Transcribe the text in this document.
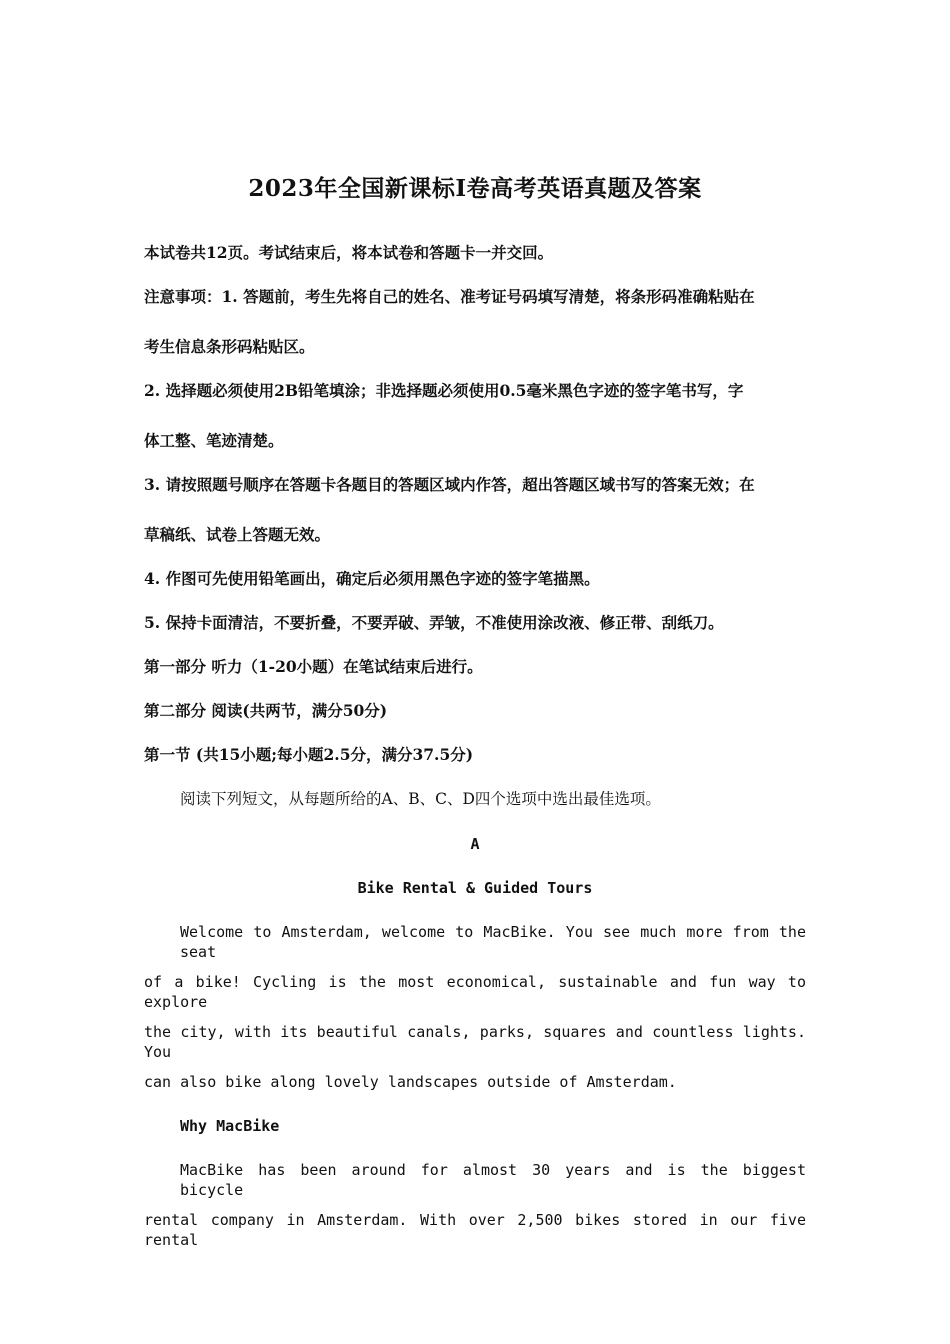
2023年全国新课标Ⅰ卷高考英语真题及答案

本试卷共12页。考试结束后，将本试卷和答题卡一并交回。

注意事项：1. 答题前，考生先将自己的姓名、准考证号码填写清楚，将条形码准确粘贴在

考生信息条形码粘贴区。

2. 选择题必须使用2B铅笔填涂；非选择题必须使用0.5毫米黑色字迹的签字笔书写，字

体工整、笔迹清楚。

3. 请按照题号顺序在答题卡各题目的答题区域内作答，超出答题区域书写的答案无效；在

草稿纸、试卷上答题无效。

4. 作图可先使用铅笔画出，确定后必须用黑色字迹的签字笔描黑。

5. 保持卡面清洁，不要折叠，不要弄破、弄皱，不准使用涂改液、修正带、刮纸刀。

第一部分 听力（1-20小题）在笔试结束后进行。

第二部分 阅读(共两节，满分50分)

第一节 (共15小题;每小题2.5分，满分37.5分)

阅读下列短文，从每题所给的A、B、C、D四个选项中选出最佳选项。

A

Bike Rental & Guided Tours

Welcome to Amsterdam, welcome to MacBike. You see much more from the seat

of a bike! Cycling is the most economical, sustainable and fun way to explore

the city, with its beautiful canals, parks, squares and countless lights. You

can also bike along lovely landscapes outside of Amsterdam.

Why MacBike

MacBike has been around for almost 30 years and is the biggest bicycle

rental company in Amsterdam. With over 2,500 bikes stored in our five rental
